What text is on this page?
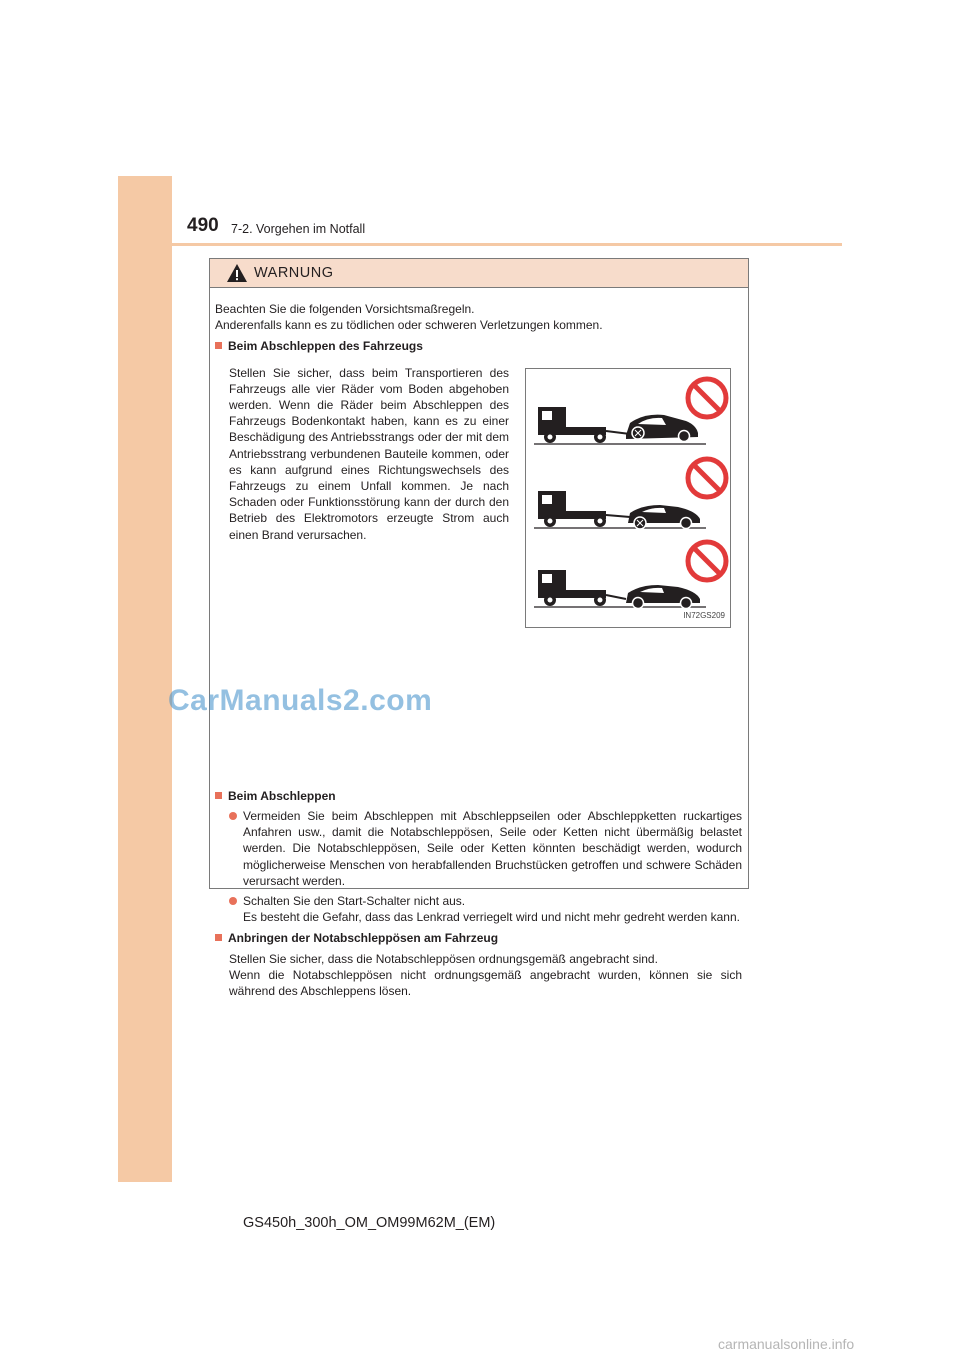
490 7-2. Vorgehen im Notfall
WARNUNG

Beachten Sie die folgenden Vorsichtsmaßregeln.

Anderenfalls kann es zu tödlichen oder schweren Verletzungen kommen.

Beim Abschleppen des Fahrzeugs
Stellen Sie sicher, dass beim Transportieren des Fahrzeugs alle vier Räder vom Boden abgehoben werden. Wenn die Räder beim Abschleppen des Fahrzeugs Bodenkontakt haben, kann es zu einer Beschädigung des Antriebsstrangs oder der mit dem Antriebsstrang verbundenen Bauteile kommen, oder es kann aufgrund eines Richtungswechsels des Fahrzeugs zu einem Unfall kommen. Je nach Schaden oder Funktionsstörung kann der durch den Betrieb des Elektromotors erzeugte Strom auch einen Brand verursachen.
IN72GS209
Beim Abschleppen
Vermeiden Sie beim Abschleppen mit Abschleppseilen oder Abschleppketten ruckartiges Anfahren usw., damit die Notabschleppösen, Seile oder Ketten nicht übermäßig belastet werden. Die Notabschleppösen, Seile oder Ketten könnten beschädigt werden, wodurch möglicherweise Menschen von herabfallenden Bruchstücken getroffen und schwere Schäden verursacht werden.
Schalten Sie den Start-Schalter nicht aus.
Es besteht die Gefahr, dass das Lenkrad verriegelt wird und nicht mehr gedreht werden kann.
Anbringen der Notabschleppösen am Fahrzeug
Stellen Sie sicher, dass die Notabschleppösen ordnungsgemäß angebracht sind.
Wenn die Notabschleppösen nicht ordnungsgemäß angebracht wurden, können sie sich während des Abschleppens lösen.
CarManuals2.com
GS450h_300h_OM_OM99M62M_(EM)
carmanualsonline.info
